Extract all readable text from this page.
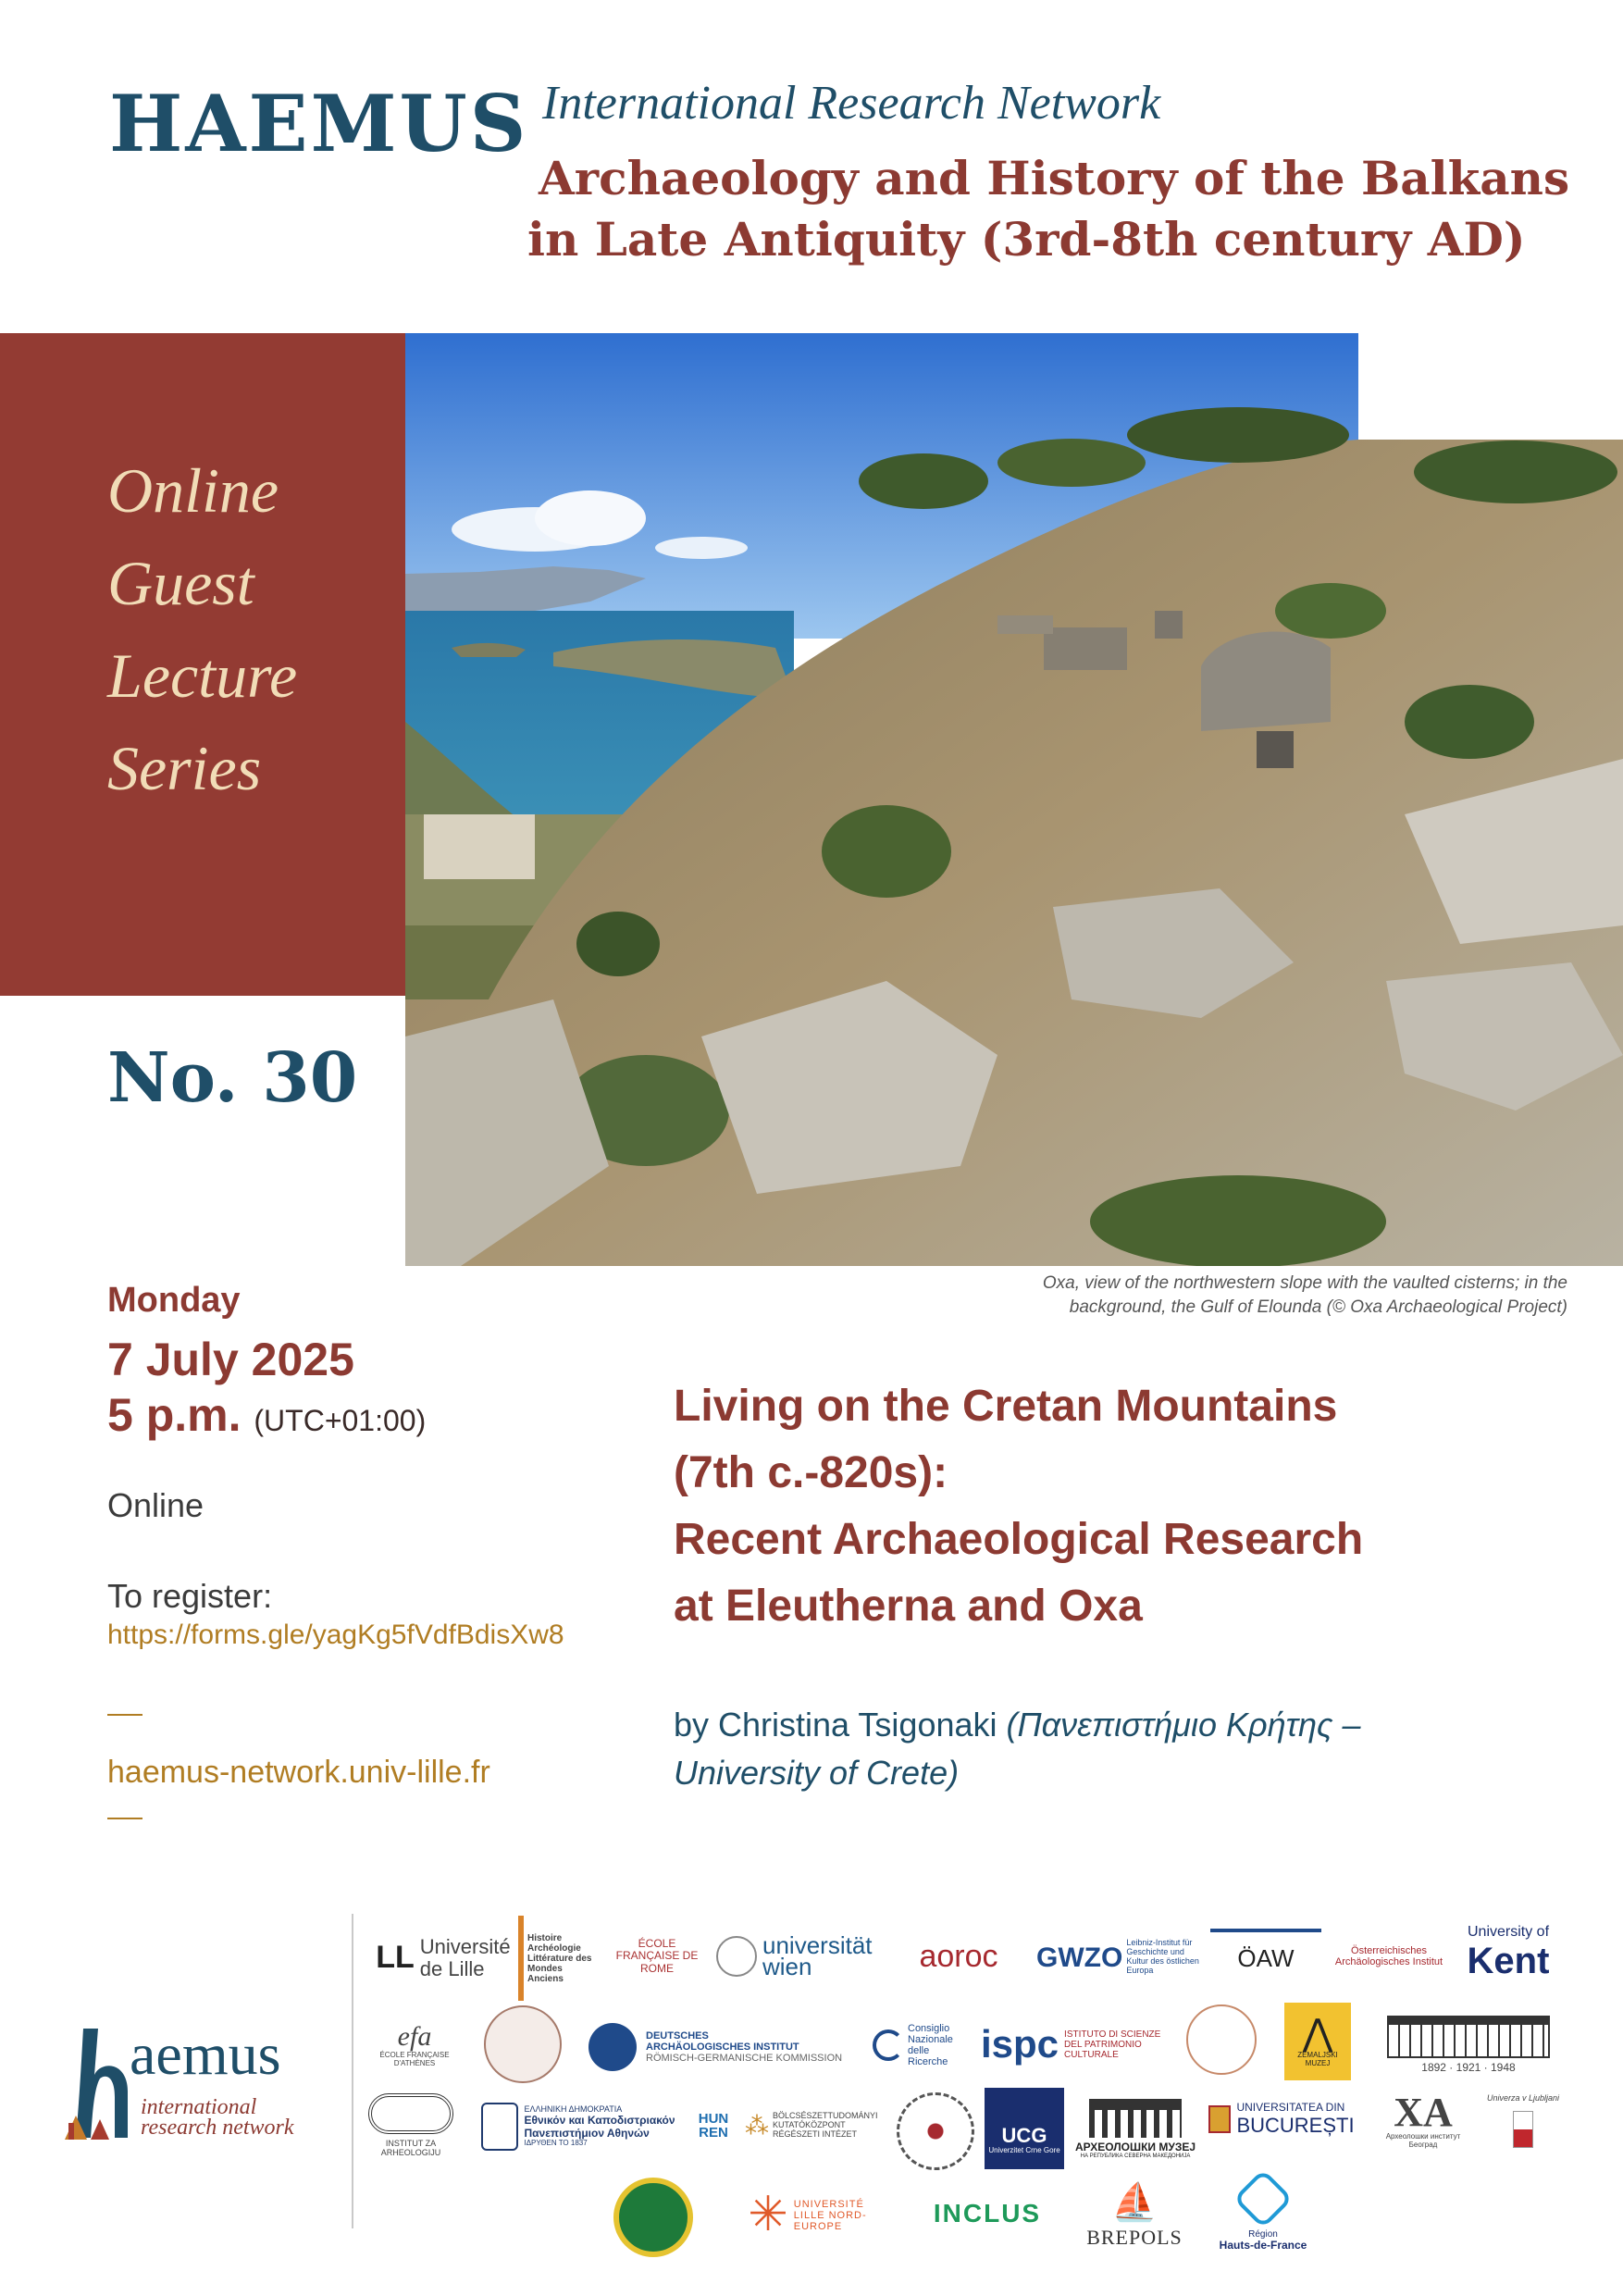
HAEMUS International Research Network
Archaeology and History of the Balkans
in Late Antiquity (3rd-8th century AD)
Online
Guest
Lecture
Series
Oxa, view of the northwestern slope with the vaulted cisterns; in the
background, the Gulf of Elounda (© Oxa Archaeological Project)
No. 30
Monday
7 July 2025
5 p.m. (UTC+01:00)
Online
To register:
https://forms.gle/yagKg5fVdfBdisXw8
haemus-network.univ-lille.fr
Living on the Cretan Mountains
(7th c.-820s):
Recent Archaeological Research
at Eleutherna and Oxa
by Christina Tsigonaki (Πανεπιστήμιο Κρήτης –
University of Crete)
aemus
international
research network
LL Université de Lille
Histoire Archéologie Littérature des Mondes Anciens
ÉCOLE FRANÇAISE DE ROME
universität wien	aoroc GWZO Leibniz-Institut für Geschichte und Kultur des östlichen Europa	ÖAW	Österreichisches Archäologisches Institut
University of
Kent
efa
ÉCOLE FRANÇAISE D'ATHÈNES
DEUTSCHES
ARCHÄOLOGISCHES INSTITUT
RÖMISCH-GERMANISCHE KOMMISSION
Consiglio Nazionale delle Ricerche ispc ISTITUTO DI SCIENZE DEL PATRIMONIO CULTURALE
⋀
ZEMALJSKI MUZEJ	1892 · 1921 · 1948
INSTITUT ZA ARHEOLOGIJU
ΕΛΛΗΝΙΚΗ ΔΗΜΟΚΡΑΤΙΑ
Εθνικόν και Καποδιστριακόν
Πανεπιστήμιον Αθηνών
ΙΔΡΥΘΕΝ ΤΟ 1837
HUN REN ⁂ BÖLCSÉSZETTUDOMÁNYI KUTATÓKÖZPONT RÉGÉSZETI INTÉZET	UCG
Univerzitet Crne Gore АРХЕОЛОШКИ МУЗЕЈ
НА РЕПУБЛИКА СЕВЕРНА МАКЕДОНИЈА
UNIVERSITATEA DIN
BUCUREȘTI XA
Археолошки институт Београд
Univerza v Ljubljani
✳ UNIVERSITÉ LILLE NORD-EUROPE	INCLUS ⛵
BREPOLS	Région
Hauts-de-France
